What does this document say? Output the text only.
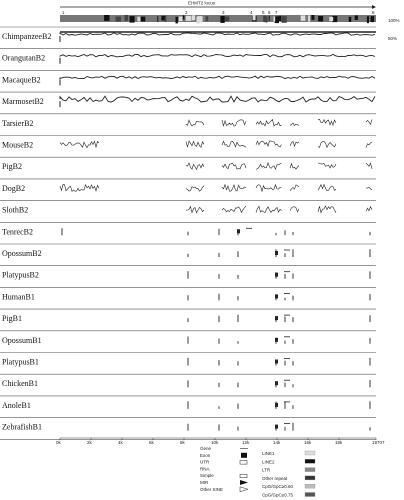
EHMT2 locus
1	2	3	4 5 6 7	8
100%
50%
ChimpanzeeB2
OrangutanB2
MacaqueB2
MarmosetB2
TarsierB2
MouseB2
PigB2
DogB2
SlothB2
TenrecB2
OpossumB2
PlatypusB2
HumanB1
PigB1
OpossumB1
PlatypusB1
ChickenB1
AnoleB1
ZebrafishB1
0k	2k	4k	6k	8k	10k	12k	14k	16k	18k	19707
Gene
Exon
UTR
RNA
Simple
MIR
Other SINE
LINE1
LINE2
LTR
Other repeat
CpG/GpC≥0.60
CpG/GpC≥0.75
